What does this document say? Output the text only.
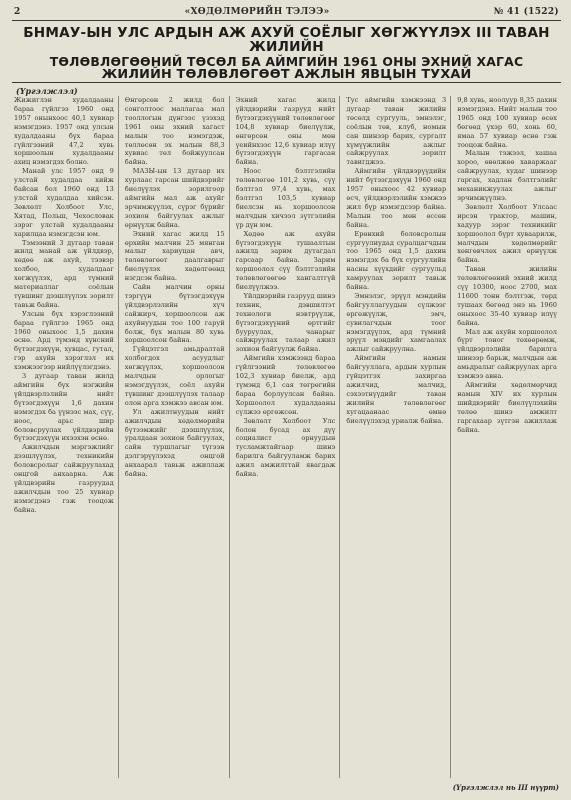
2	«ХӨДӨЛМӨРИЙН ТЭЛЭЭ»	№ 41 (1522)
БНМАУ-ЫН УЛС АРДЫН АЖ АХУЙ СОЁЛЫГ ХӨГЖҮҮЛЭХ III ТАВАН ЖИЛИЙН
ТӨЛӨВЛӨГӨӨНИЙ ТӨСӨЛ БА АЙМГИЙН 1961 ОНЫ ЭХНИЙ ХАГАС
ЖИЛИЙН ТӨЛӨВЛӨГӨӨТ АЖЛЫН ЯВЦЫН ТУХАЙ
(Үргэлжлэл)

Жижиглэн худалдааны бараа гүйлгээ 1960 онд 1957 онынхоос 40,1 хувиар нэмэгдэнэ. 1957 онд улсын худалдааны бүх бараа гүйлгээний 47,2 хувь хоршоолын худалдааны ахиц нэмэгдэх болно.

Манай улс 1957 онд 9 улстай худалдаа хийж байсан бол 1960 онд 13 улстай худалдаа хийсэн. Зөвлөлт Холбоот Улс, Хятад, Польш, Чехословак зэрэг улстай худалдааны харилцаа нэмэгдсэн юм.

Тэмээний 3 дугаар таван жилд манай аж үйлдвэр, хөдөө аж ахуй, тээвэр холбоо, худалдааг хөгжүүлэх, ард түмний материаллаг соёлын түвшинг дээшлүүлэх зорилт тавьж байна.

Улсын бүх хэрэглээний бараа гүйлгээ 1965 онд 1960 оныхоос 1,5 дахин өснө. Ард түмэнд хүнсний бүтээгдэхүүн, хувцас, гутал, гэр ахуйн хэрэглэл их хэмжээгээр нийлүүлэгдэнэ.

3 дугаар таван жилд аймгийн бүх нэгжийн үйлдвэрлэлийн нийт бүтээгдэхүүн 1,6 дахин нэмэгдэх ба үүнээс мах, сүү, ноос, арьс шир боловсруулах үйлдвэрийн бүтээгдэхүүн ихээхэн өснө.

Ажилчдын мэргэжлийг дээшлүүлэх, техникийн боловсролыг сайжруулахад онцгой анхаарна. Аж үйлдвэрийн газруудад ажилчдын тоо 25 хувиар нэмэгдэнэ гэж тооцож байна.

Өнгөрсөн 2 жилд бол сонголтоос маллагаа мал тооллогын дүнгээс үзэхэд 1961 оны эхний хагаст малын тоо нэмэгдэж, төллөсөн эх малын 88,3 хувиас төл бойжуулсан байна.

МАЗЫ-ын 13 дугаар их хурлаас гарсан шийдвэрийг биелүүлэх зорилгоор аймгийн мал аж ахуйг эрчимжүүлэх, сүрэг бүрийг зохион байгуулах ажлыг өрнүүлж байна.

Эхний хагас жилд 15 өрхийн малчин 25 мянган малыг хариуцан авч, төлөвлөгөөт даалгаврыг биелүүлэх хөдөлгөөнд нэгдсэн байна.

Сайн малчин орны тэргүүн бүтээгдэхүүн үйлдвэрлэлийн хүч сайжирч, хоршоолсон аж ахуйнуудын тоо 100 гаруй болж, бүх малын 80 хувь хоршоолсон байна.

Гүйцэтгэл амьдралтай холбогдох асуудлыг хөгжүүлэх, хоршоолсон малчдын орлогыг нэмэгдүүлэх, соёл ахуйн түвшинг дээшлүүлэх талаар олон арга хэмжээ авсан юм.

Ул ажилтнуудын нийт ажилчдын хөдөлмөрийн бүтээмжийг дээшлүүлэх, уралдаан зохион байгуулах, сайн туршлагыг түгээн дэлгэрүүлэхэд онцгой анхаарал тавьж ажиллаж байна.

Эхний хагас жилд үйлдвэрийн газрууд нийт бүтээгдэхүүний төлөвлөгөөг 104,8 хувиар биелүүлж, өнгөрсөн оны мөн үеийнхээс 12,6 хувиар илүү бүтээгдэхүүн гаргасан байна.

Ноос бэлтгэлийн төлөвлөгөө 101,2 хувь, сүү бэлтгэл 97,4 хувь, мах бэлтгэл 103,5 хувиар биелсэн нь хоршоолсон малчдын хичээл зүтгэлийн үр дүн юм.

Хөдөө аж ахуйн бүтээгдэхүүн тушаалтын ажилд зарим дутагдал гарсаар байна. Зарим хоршоолол сүү бэлтгэлийн төлөвлөгөөгөө хангалтгүй биелүүлжээ.

Үйлдвэрийн газрууд шинэ техник, дэвшилтэт технологи нэвтрүүлж, бүтээгдэхүүний өртгийг бууруулах, чанарыг сайжруулах талаар ажил зохион байгуулж байна.

Аймгийн хэмжээнд бараа гүйлгээний төлөвлөгөө 102,3 хувиар биелж, ард түмэнд 6,1 сая төгрөгийн бараа борлуулсан байна. Хоршоолол худалдааны сүлжээ өргөжсөн.

Зөвлөлт Холбоот Улс болон бусад ах дүү социалист орнуудын тусламжтайгаар шинэ барилга байгууламж барих ажил амжилттай явагдаж байна.

Тус аймгийн хэмжээнд 3 дугаар таван жилийн төсөлд сургууль, эмнэлэг, соёлын төв, клуб, номын сан шинээр барих, сургалт хүмүүжлийн ажлыг сайжруулах зорилт тавигджээ.

Аймгийн үйлдвэрүүдийн нийт бүтээгдэхүүн 1960 онд 1957 оныхоос 42 хувиар өсч, үйлдвэрлэлийн хэмжээ жил бүр нэмэгдсээр байна. Малын тоо мөн өссөн байна.

Ерөнхий боловсролын сургуулиудад суралцагчдын тоо 1965 онд 1,5 дахин нэмэгдэх ба бүх сургуулийн насны хүүхдийг сургуульд хамруулах зорилт тавьж байна.

Эмнэлэг, эрүүл мэндийн байгууллагуудын сүлжээг өргөжүүлж, эмч, сувилагчдын тоог нэмэгдүүлэх, ард түмний эрүүл мэндийг хамгаалах ажлыг сайжруулна.

Аймгийн намын байгууллага, ардын хурлын гүйцэтгэх захиргаа ажилчид, малчид, сэхээтнүүдийг таван жилийн төлөвлөгөөг хугацаанаас өмнө биелүүлэхэд уриалж байна.

9,8 хувь, ноолуур 8,35 дахин нэмэгдэнэ. Нийт малын тоо 1965 онд 100 хувиар өсөх бөгөөд үхэр 60, хонь 60, ямаа 57 хувиар өснө гэж тооцож байна.

Малын тэжээл, хашаа хороо, өвөлжөө хаваржааг сайжруулах, худаг шинээр гаргах, хадлан бэлтгэлийг механикжуулах ажлыг эрчимжүүлнэ.

Зөвлөлт Холбоот Улсаас ирсэн трактор, машин, хадуур зэрэг техникийг хоршоолол бүрт хуваарилж, малчдын хөдөлмөрийг хөнгөвчлөх ажил өрнүүлж байна.

Таван жилийн төлөвлөгөөний эхний жилд сүү 10300, ноос 2700, мах 11600 тонн бэлтгэж, төрд тушаах бөгөөд энэ нь 1960 оныхоос 35-40 хувиар илүү байна.

Мал аж ахуйн хоршоолол бүрт тоног төхөөрөмж, үйлдвэрлэлийн барилга шинээр барьж, малчдын аж амьдралыг сайжруулах арга хэмжээ авна.

Аймгийн хөдөлмөрчид намын XIV их хурлын шийдвэрийг биелүүлэхийн төлөө шинэ амжилт гаргахаар зүтгэн ажиллаж байна.

(Үргэлжлэл нь III нүүрт)
